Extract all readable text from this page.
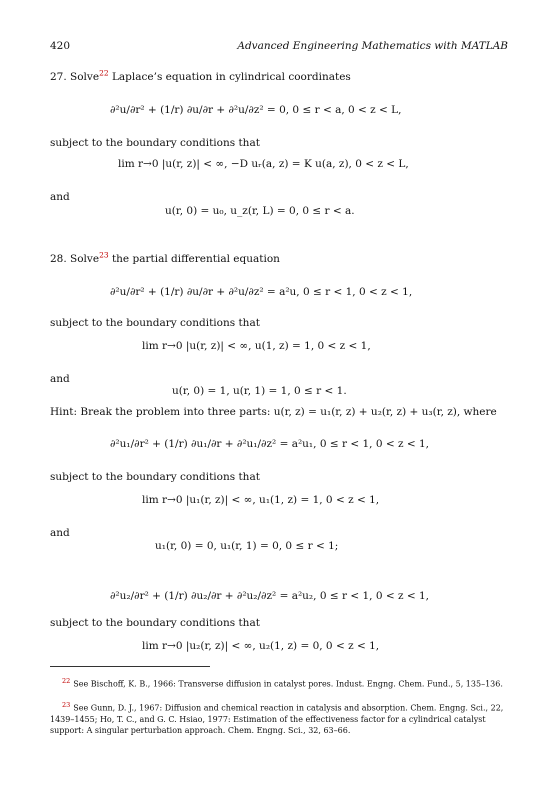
420	Advanced Engineering Mathematics with MATLAB
27. Solve$^{22}$ Laplace’s equation in cylindrical coordinates
∂²u/∂r² + (1/r) ∂u/∂r + ∂²u/∂z² = 0, 0 ≤ r < a, 0 < z < L,
subject to the boundary conditions that
lim r→0 |u(r, z)| < ∞, −D uᵣ(a, z) = K u(a, z), 0 < z < L,
and
u(r, 0) = u₀, u_z(r, L) = 0, 0 ≤ r < a.
28. Solve$^{23}$ the partial differential equation
∂²u/∂r² + (1/r) ∂u/∂r + ∂²u/∂z² = a²u, 0 ≤ r < 1, 0 < z < 1,
subject to the boundary conditions that
lim r→0 |u(r, z)| < ∞, u(1, z) = 1, 0 < z < 1,
and
u(r, 0) = 1, u(r, 1) = 1, 0 ≤ r < 1.
Hint: Break the problem into three parts: u(r, z) = u₁(r, z) + u₂(r, z) + u₃(r, z), where
∂²u₁/∂r² + (1/r) ∂u₁/∂r + ∂²u₁/∂z² = a²u₁, 0 ≤ r < 1, 0 < z < 1,
subject to the boundary conditions that
lim r→0 |u₁(r, z)| < ∞, u₁(1, z) = 1, 0 < z < 1,
and
u₁(r, 0) = 0, u₁(r, 1) = 0, 0 ≤ r < 1;
∂²u₂/∂r² + (1/r) ∂u₂/∂r + ∂²u₂/∂z² = a²u₂, 0 ≤ r < 1, 0 < z < 1,
subject to the boundary conditions that
lim r→0 |u₂(r, z)| < ∞, u₂(1, z) = 0, 0 < z < 1,
$^{22}$ See Bischoff, K. B., 1966: Transverse diffusion in catalyst pores. Indust. Engng. Chem. Fund., 5, 135–136.
$^{23}$ See Gunn, D. J., 1967: Diffusion and chemical reaction in catalysis and absorption. Chem. Engng. Sci., 22, 1439–1455; Ho, T. C., and G. C. Hsiao, 1977: Estimation of the effectiveness factor for a cylindrical catalyst support: A singular perturbation approach. Chem. Engng. Sci., 32, 63–66.
